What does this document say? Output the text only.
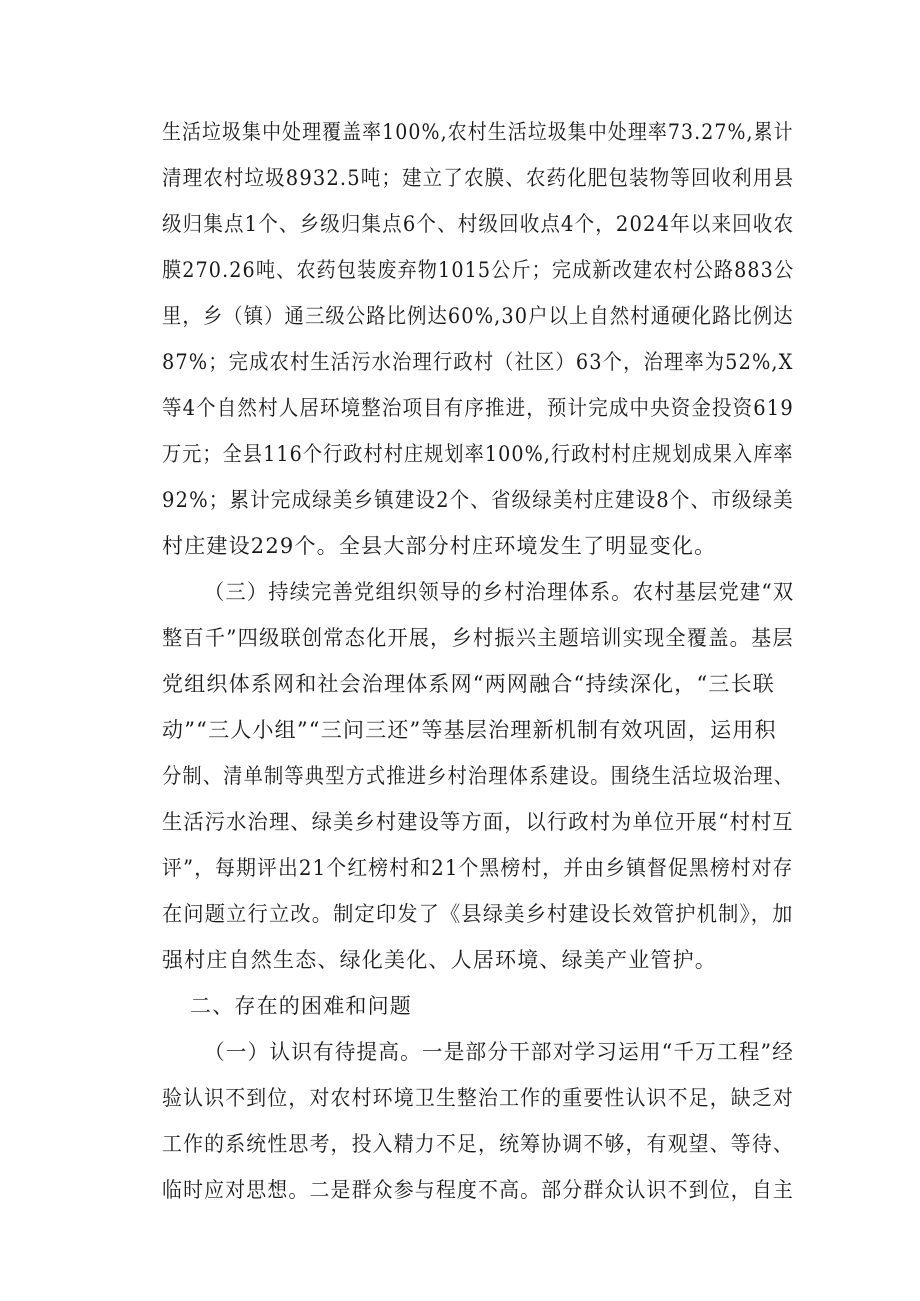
生活垃圾集中处理覆盖率100%,农村生活垃圾集中处理率73.27%,累计
清理农村垃圾8932.5吨；建立了农膜、农药化肥包装物等回收利用县
级归集点1个、乡级归集点6个、村级回收点4个，2024年以来回收农
膜270.26吨、农药包装废弃物1015公斤；完成新改建农村公路883公
里，乡（镇）通三级公路比例达60%,30户以上自然村通硬化路比例达
87%；完成农村生活污水治理行政村（社区）63个，治理率为52%,X
等4个自然村人居环境整治项目有序推进，预计完成中央资金投资619
万元；全县116个行政村村庄规划率100%,行政村村庄规划成果入库率
92%；累计完成绿美乡镇建设2个、省级绿美村庄建设8个、市级绿美
村庄建设229个。全县大部分村庄环境发生了明显变化。
（三）持续完善党组织领导的乡村治理体系。农村基层党建“双
整百千”四级联创常态化开展，乡村振兴主题培训实现全覆盖。基层
党组织体系网和社会治理体系网“两网融合“持续深化，“三长联
动”“三人小组”“三问三还”等基层治理新机制有效巩固，运用积
分制、清单制等典型方式推进乡村治理体系建设。围绕生活垃圾治理、
生活污水治理、绿美乡村建设等方面，以行政村为单位开展“村村互
评”，每期评出21个红榜村和21个黑榜村，并由乡镇督促黑榜村对存
在问题立行立改。制定印发了《县绿美乡村建设长效管护机制》，加
强村庄自然生态、绿化美化、人居环境、绿美产业管护。
二、存在的困难和问题
（一）认识有待提高。一是部分干部对学习运用“千万工程”经
验认识不到位，对农村环境卫生整治工作的重要性认识不足，缺乏对
工作的系统性思考，投入精力不足，统筹协调不够，有观望、等待、
临时应对思想。二是群众参与程度不高。部分群众认识不到位，自主
